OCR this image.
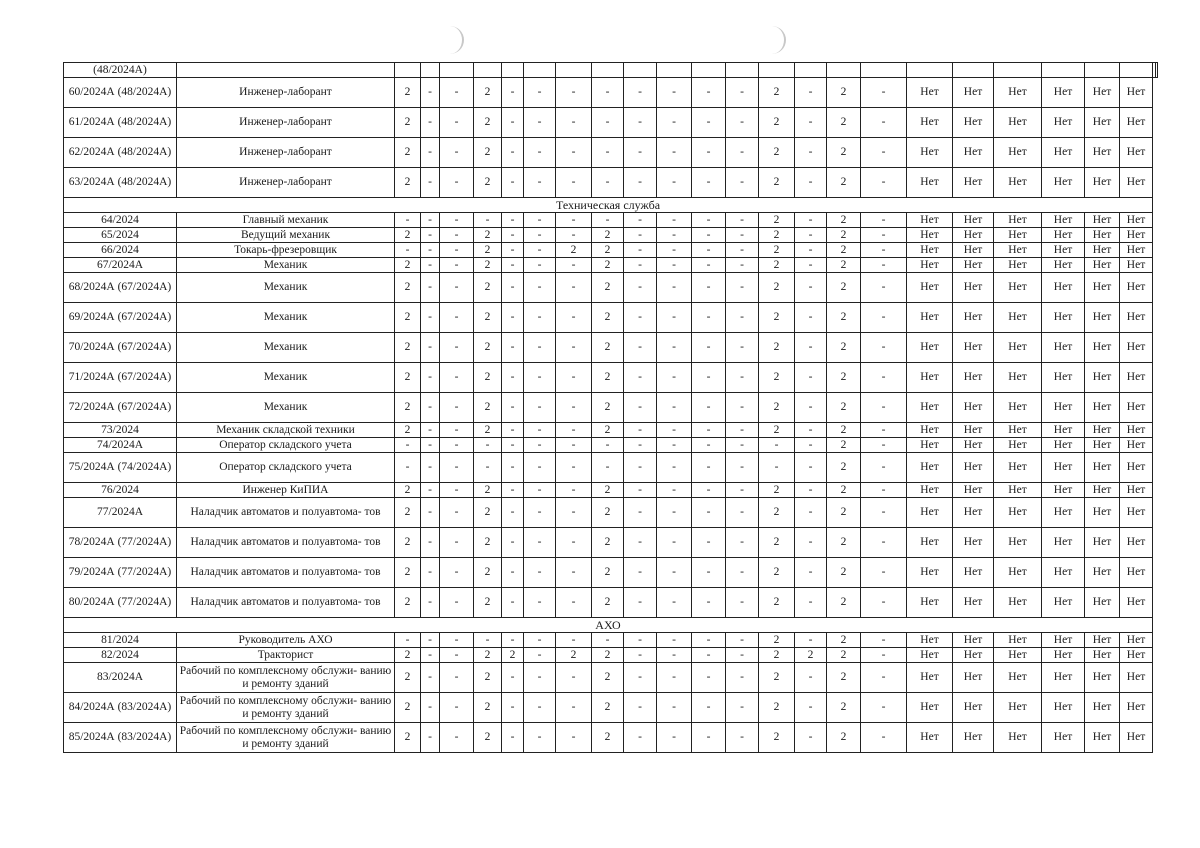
(48/2024А)																									
60/2024А (48/2024А)	Инженер-лаборант	2	-	-	2	-	-	-	-	-	-	-	-	2	-	2	-	Нет	Нет	Нет	Нет	Нет	Нет		
61/2024А (48/2024А)	Инженер-лаборант	2	-	-	2	-	-	-	-	-	-	-	-	2	-	2	-	Нет	Нет	Нет	Нет	Нет	Нет		
62/2024А (48/2024А)	Инженер-лаборант	2	-	-	2	-	-	-	-	-	-	-	-	2	-	2	-	Нет	Нет	Нет	Нет	Нет	Нет		
63/2024А (48/2024А)	Инженер-лаборант	2	-	-	2	-	-	-	-	-	-	-	-	2	-	2	-	Нет	Нет	Нет	Нет	Нет	Нет		
Техническая служба																									
64/2024	Главный механик	-	-	-	-	-	-	-	-	-	-	-	-	2	-	2	-	Нет	Нет	Нет	Нет	Нет	Нет		
65/2024	Ведущий механик	2	-	-	2	-	-	-	2	-	-	-	-	2	-	2	-	Нет	Нет	Нет	Нет	Нет	Нет		
66/2024	Токарь-фрезеровщик	-	-	-	2	-	-	2	2	-	-	-	-	2	-	2	-	Нет	Нет	Нет	Нет	Нет	Нет		
67/2024А	Механик	2	-	-	2	-	-	-	2	-	-	-	-	2	-	2	-	Нет	Нет	Нет	Нет	Нет	Нет		
68/2024А (67/2024А)	Механик	2	-	-	2	-	-	-	2	-	-	-	-	2	-	2	-	Нет	Нет	Нет	Нет	Нет	Нет		
69/2024А (67/2024А)	Механик	2	-	-	2	-	-	-	2	-	-	-	-	2	-	2	-	Нет	Нет	Нет	Нет	Нет	Нет		
70/2024А (67/2024А)	Механик	2	-	-	2	-	-	-	2	-	-	-	-	2	-	2	-	Нет	Нет	Нет	Нет	Нет	Нет		
71/2024А (67/2024А)	Механик	2	-	-	2	-	-	-	2	-	-	-	-	2	-	2	-	Нет	Нет	Нет	Нет	Нет	Нет		
72/2024А (67/2024А)	Механик	2	-	-	2	-	-	-	2	-	-	-	-	2	-	2	-	Нет	Нет	Нет	Нет	Нет	Нет		
73/2024	Механик складской техники	2	-	-	2	-	-	-	2	-	-	-	-	2	-	2	-	Нет	Нет	Нет	Нет	Нет	Нет		
74/2024А	Оператор складского учета	-	-	-	-	-	-	-	-	-	-	-	-	-	-	2	-	Нет	Нет	Нет	Нет	Нет	Нет		
75/2024А (74/2024А)	Оператор складского учета	-	-	-	-	-	-	-	-	-	-	-	-	-	-	2	-	Нет	Нет	Нет	Нет	Нет	Нет		
76/2024	Инженер КиПИА	2	-	-	2	-	-	-	2	-	-	-	-	2	-	2	-	Нет	Нет	Нет	Нет	Нет	Нет		
77/2024А	Наладчик автоматов и полуавтома- тов	2	-	-	2	-	-	-	2	-	-	-	-	2	-	2	-	Нет	Нет	Нет	Нет	Нет	Нет		
78/2024А (77/2024А)	Наладчик автоматов и полуавтома- тов	2	-	-	2	-	-	-	2	-	-	-	-	2	-	2	-	Нет	Нет	Нет	Нет	Нет	Нет		
79/2024А (77/2024А)	Наладчик автоматов и полуавтома- тов	2	-	-	2	-	-	-	2	-	-	-	-	2	-	2	-	Нет	Нет	Нет	Нет	Нет	Нет		
80/2024А (77/2024А)	Наладчик автоматов и полуавтома- тов	2	-	-	2	-	-	-	2	-	-	-	-	2	-	2	-	Нет	Нет	Нет	Нет	Нет	Нет		
АХО																									
81/2024	Руководитель АХО	-	-	-	-	-	-	-	-	-	-	-	-	2	-	2	-	Нет	Нет	Нет	Нет	Нет	Нет		
82/2024	Тракторист	2	-	-	2	2	-	2	2	-	-	-	-	2	2	2	-	Нет	Нет	Нет	Нет	Нет	Нет		
83/2024А	Рабочий по комплексному обслужи- ванию и ремонту зданий	2	-	-	2	-	-	-	2	-	-	-	-	2	-	2	-	Нет	Нет	Нет	Нет	Нет	Нет		
84/2024А (83/2024А)	Рабочий по комплексному обслужи- ванию и ремонту зданий	2	-	-	2	-	-	-	2	-	-	-	-	2	-	2	-	Нет	Нет	Нет	Нет	Нет	Нет		
85/2024А (83/2024А)	Рабочий по комплексному обслужи- ванию и ремонту зданий	2	-	-	2	-	-	-	2	-	-	-	-	2	-	2	-	Нет	Нет	Нет	Нет	Нет	Нет		
